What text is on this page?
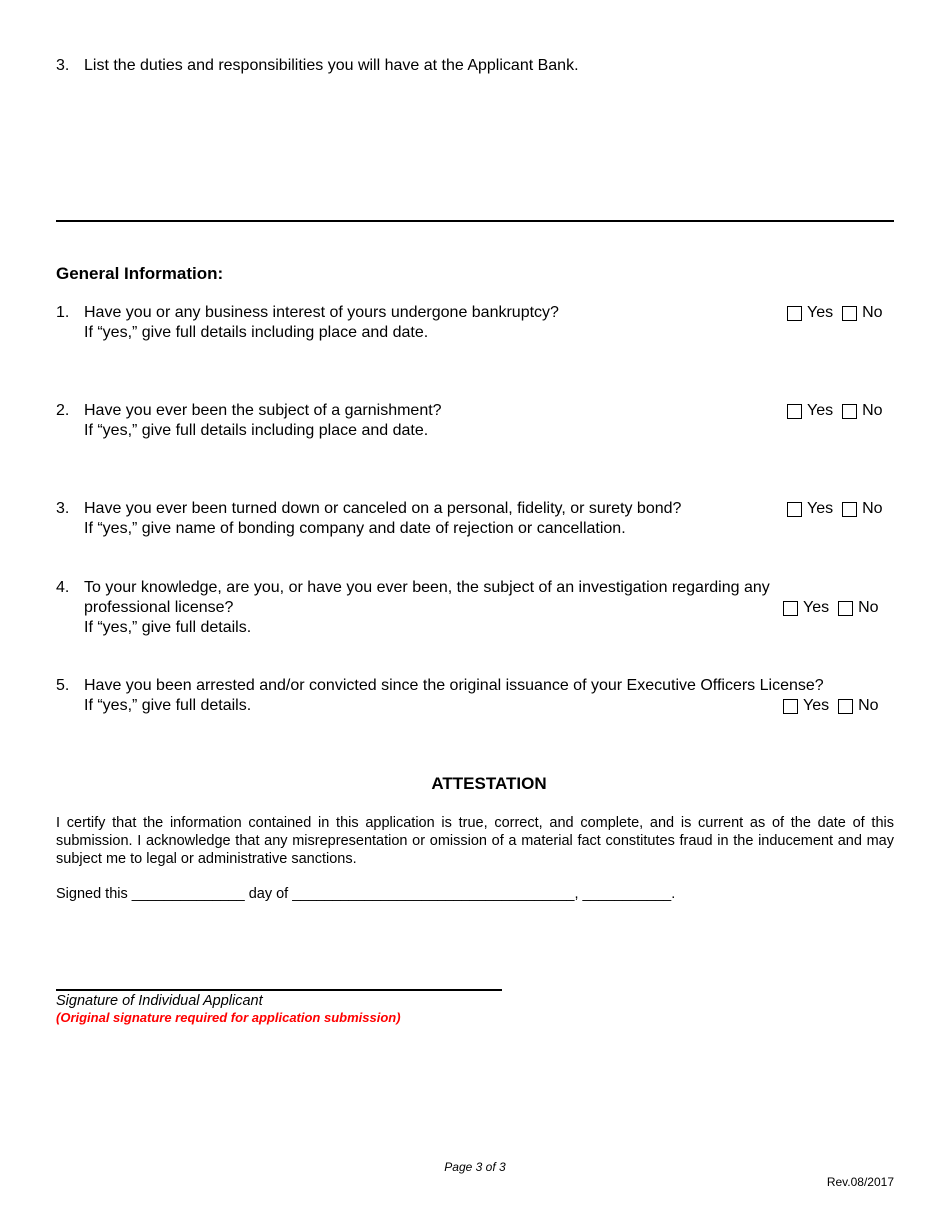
3. List the duties and responsibilities you will have at the Applicant Bank.
General Information:
1. Have you or any business interest of yours undergone bankruptcy?
If “yes,” give full details including place and date.
Yes No
2. Have you ever been the subject of a garnishment?
If “yes,” give full details including place and date.
Yes No
3. Have you ever been turned down or canceled on a personal, fidelity, or surety bond?
If “yes,” give name of bonding company and date of rejection or cancellation.
Yes No
4. To your knowledge, are you, or have you ever been, the subject of an investigation regarding any
professional license?
If “yes,” give full details.
Yes No
5. Have you been arrested and/or convicted since the original issuance of your Executive Officers License?
If “yes,” give full details.	Yes No
ATTESTATION
I certify that the information contained in this application is true, correct, and complete, and is current as of the date of this submission. I acknowledge that any misrepresentation or omission of a material fact constitutes fraud in the inducement and may subject me to legal or administrative sanctions.
Signed this ______________ day of ___________________________________, ___________.
Signature of Individual Applicant
(Original signature required for application submission)
Page 3 of 3
Rev.08/2017
